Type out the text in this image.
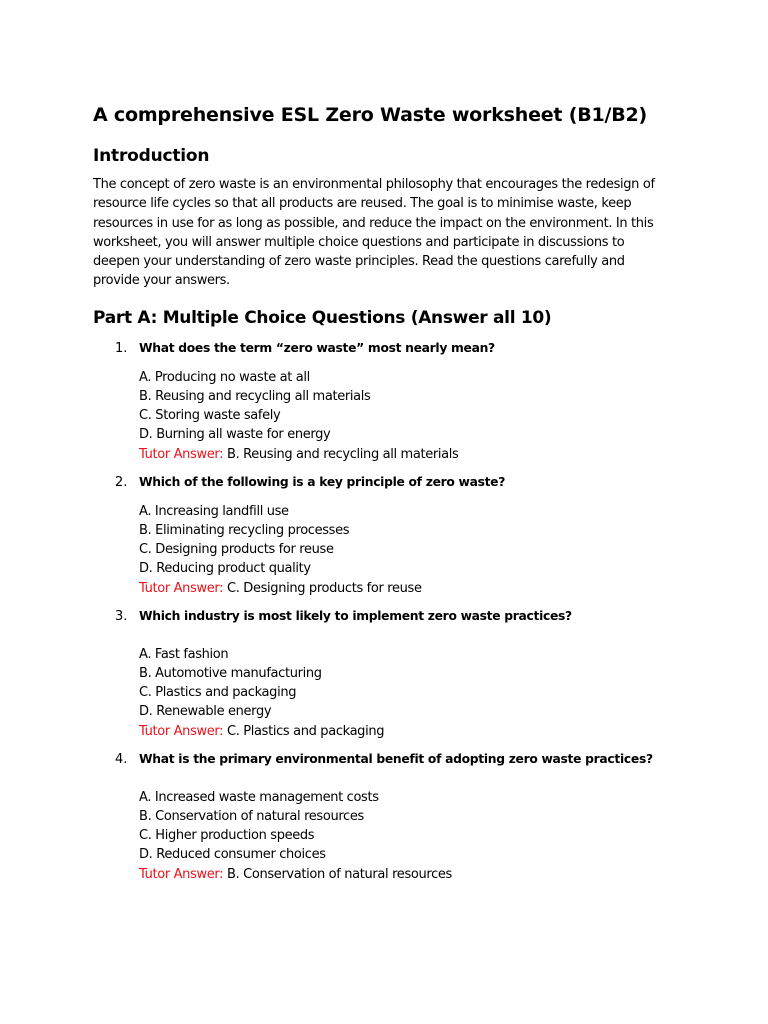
A comprehensive ESL Zero Waste worksheet (B1/B2)
Introduction

The concept of zero waste is an environmental philosophy that encourages the redesign of resource life cycles so that all products are reused. The goal is to minimise waste, keep resources in use for as long as possible, and reduce the impact on the environment. In this worksheet, you will answer multiple choice questions and participate in discussions to deepen your understanding of zero waste principles. Read the questions carefully and provide your answers.

Part A: Multiple Choice Questions (Answer all 10)
1. What does the term “zero waste” most nearly mean?
A. Producing no waste at all
B. Reusing and recycling all materials
C. Storing waste safely
D. Burning all waste for energy
Tutor Answer: B. Reusing and recycling all materials
2. Which of the following is a key principle of zero waste?
A. Increasing landfill use
B. Eliminating recycling processes
C. Designing products for reuse
D. Reducing product quality
Tutor Answer: C. Designing products for reuse
3. Which industry is most likely to implement zero waste practices?
A. Fast fashion
B. Automotive manufacturing
C. Plastics and packaging
D. Renewable energy
Tutor Answer: C. Plastics and packaging
4. What is the primary environmental benefit of adopting zero waste practices?
A. Increased waste management costs
B. Conservation of natural resources
C. Higher production speeds
D. Reduced consumer choices
Tutor Answer: B. Conservation of natural resources
